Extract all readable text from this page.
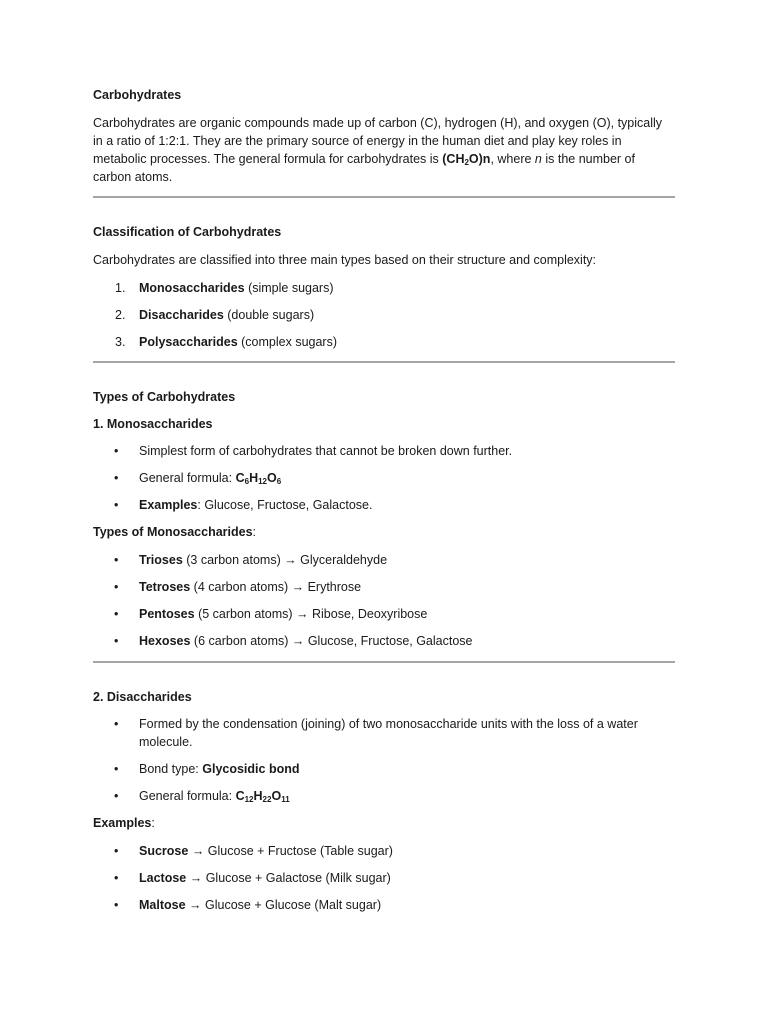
Carbohydrates

Carbohydrates are organic compounds made up of carbon (C), hydrogen (H), and oxygen (O), typically in a ratio of 1:2:1. They are the primary source of energy in the human diet and play key roles in metabolic processes. The general formula for carbohydrates is $(CH_2O)n$, where n is the number of carbon atoms.

Classification of Carbohydrates

Carbohydrates are classified into three main types based on their structure and complexity:

1.	Monosaccharides (simple sugars)
2.	Disaccharides (double sugars)
3.	Polysaccharides (complex sugars)

Types of Carbohydrates

1. Monosaccharides

•	Simplest form of carbohydrates that cannot be broken down further.
•	General formula: $C_6H_{12}O_6$
•	Examples: Glucose, Fructose, Galactose.

Types of Monosaccharides:

•	Trioses (3 carbon atoms) → Glyceraldehyde
•	Tetroses (4 carbon atoms) → Erythrose
•	Pentoses (5 carbon atoms) → Ribose, Deoxyribose
•	Hexoses (6 carbon atoms) → Glucose, Fructose, Galactose

2. Disaccharides

•	Formed by the condensation (joining) of two monosaccharide units with the loss of a water molecule.
•	Bond type: Glycosidic bond
•	General formula: $C_{12}H_{22}O_{11}$

Examples:

•	Sucrose → Glucose + Fructose (Table sugar)
•	Lactose → Glucose + Galactose (Milk sugar)
•	Maltose → Glucose + Glucose (Malt sugar)
